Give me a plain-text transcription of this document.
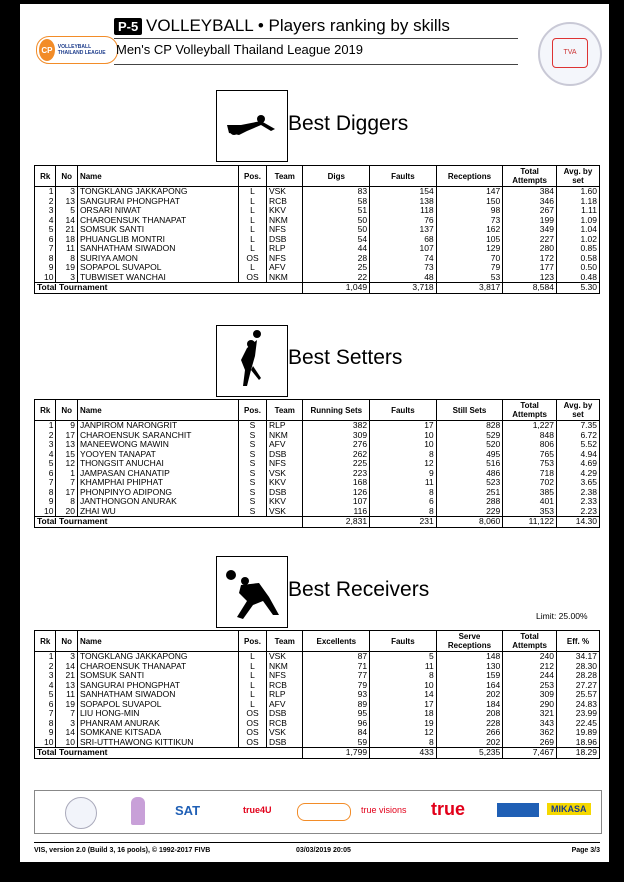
CP	VOLLEYBALL THAILAND LEAGUE
P-5 VOLLEYBALL • Players ranking by skills
Men's CP Volleyball Thailand League 2019	TVA
Best Diggers
Rk	No	Name	Pos.	Team	Digs	Faults	Receptions	Total Attempts	Avg. by set
1	3	TONGKLANG JAKKAPONG	L	VSK	83	154	147	384	1.60
2	13	SANGURAI PHONGPHAT	L	RCB	58	138	150	346	1.18
3	5	ORSARI NIWAT	L	KKV	51	118	98	267	1.11
4	14	CHAROENSUK THANAPAT	L	NKM	50	76	73	199	1.09
5	21	SOMSUK SANTI	L	NFS	50	137	162	349	1.04
6	18	PHUANGLIB MONTRI	L	DSB	54	68	105	227	1.02
7	11	SANHATHAM SIWADON	L	RLP	44	107	129	280	0.85
8	8	SURIYA AMON	OS	NFS	28	74	70	172	0.58
9	19	SOPAPOL SUVAPOL	L	AFV	25	73	79	177	0.50
10	3	TUBWISET WANCHAI	OS	NKM	22	48	53	123	0.48
Total Tournament					1,049	3,718	3,817	8,584	5.30
Best Setters
Rk	No	Name	Pos.	Team	Running Sets	Faults	Still Sets	Total Attempts	Avg. by set
1	9	JANPIROM NARONGRIT	S	RLP	382	17	828	1,227	7.35
2	17	CHAROENSUK SARANCHIT	S	NKM	309	10	529	848	6.72
3	13	MANEEWONG MAWIN	S	AFV	276	10	520	806	5.52
4	15	YOOYEN TANAPAT	S	DSB	262	8	495	765	4.94
5	12	THONGSIT ANUCHAI	S	NFS	225	12	516	753	4.69
6	1	JAMPASAN CHANATIP	S	VSK	223	9	486	718	4.29
7	7	KHAMPHAI PHIPHAT	S	KKV	168	11	523	702	3.65
8	17	PHONPINYO ADIPONG	S	DSB	126	8	251	385	2.38
9	8	JANTHONGON ANURAK	S	KKV	107	6	288	401	2.33
10	20	ZHAI WU	S	VSK	116	8	229	353	2.23
Total Tournament					2,831	231	8,060	11,122	14.30
Best Receivers
Limit: 25.00%
Rk	No	Name	Pos.	Team	Excellents	Faults	Serve Receptions	Total Attempts	Eff. %
1	3	TONGKLANG JAKKAPONG	L	VSK	87	5	148	240	34.17
2	14	CHAROENSUK THANAPAT	L	NKM	71	11	130	212	28.30
3	21	SOMSUK SANTI	L	NFS	77	8	159	244	28.28
4	13	SANGURAI PHONGPHAT	L	RCB	79	10	164	253	27.27
5	11	SANHATHAM SIWADON	L	RLP	93	14	202	309	25.57
6	19	SOPAPOL SUVAPOL	L	AFV	89	17	184	290	24.83
7	7	LIU HONG-MIN	OS	DSB	95	18	208	321	23.99
8	3	PHANRAM ANURAK	OS	RCB	96	19	228	343	22.45
9	14	SOMKANE KITSADA	OS	VSK	84	12	266	362	19.89
10	10	SRI-UTTHAWONG KITTIKUN	OS	DSB	59	8	202	269	18.96
Total Tournament					1,799	433	5,235	7,467	18.29
SAT	true4U	true visions true	MIKASA
VIS, version 2.0 (Build 3, 16 pools), © 1992-2017 FIVB	03/03/2019 20:05	Page 3/3
